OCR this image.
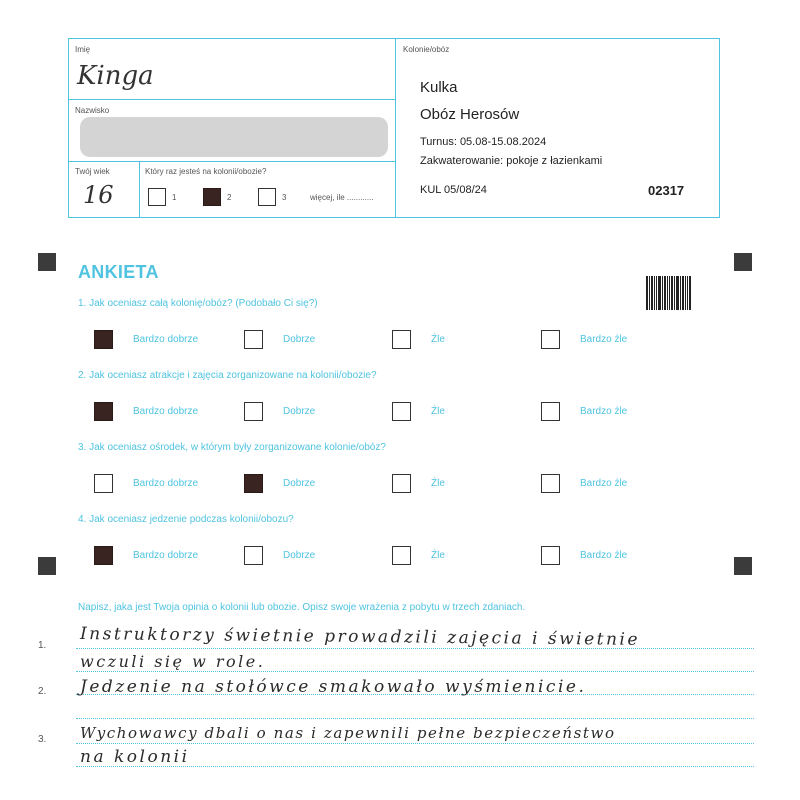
Imię
Kinga
Nazwisko
Twój wiek
16
Który raz jesteś na kolonii/obozie?
Kolonie/obóz
Kulka
Obóz Herosów
Turnus: 05.08-15.08.2024
Zakwaterowanie: pokoje z łazienkami
KUL 05/08/24	02317
1	2	3	więcej, ile ............
ANKIETA
1. Jak oceniasz całą kolonię/obóz? (Podobało Ci się?)
Bardzo dobrze	Dobrze	Źle	Bardzo źle
2. Jak oceniasz atrakcje i zajęcia zorganizowane na kolonii/obozie?
Bardzo dobrze	Dobrze	Źle	Bardzo źle
3. Jak oceniasz ośrodek, w którym były zorganizowane kolonie/obóz?
Bardzo dobrze	Dobrze	Źle	Bardzo źle
4. Jak oceniasz jedzenie podczas kolonii/obozu?
Bardzo dobrze	Dobrze	Źle	Bardzo źle
Napisz, jaka jest Twoja opinia o kolonii lub obozie. Opisz swoje wrażenia z pobytu w trzech zdaniach.
1.
2.
3.
Instruktorzy świetnie prowadzili zajęcia i świetnie
wczuli się w role.
Jedzenie na stołówce smakowało wyśmienicie.
Wychowawcy dbali o nas i zapewnili pełne bezpieczeństwo
na kolonii
